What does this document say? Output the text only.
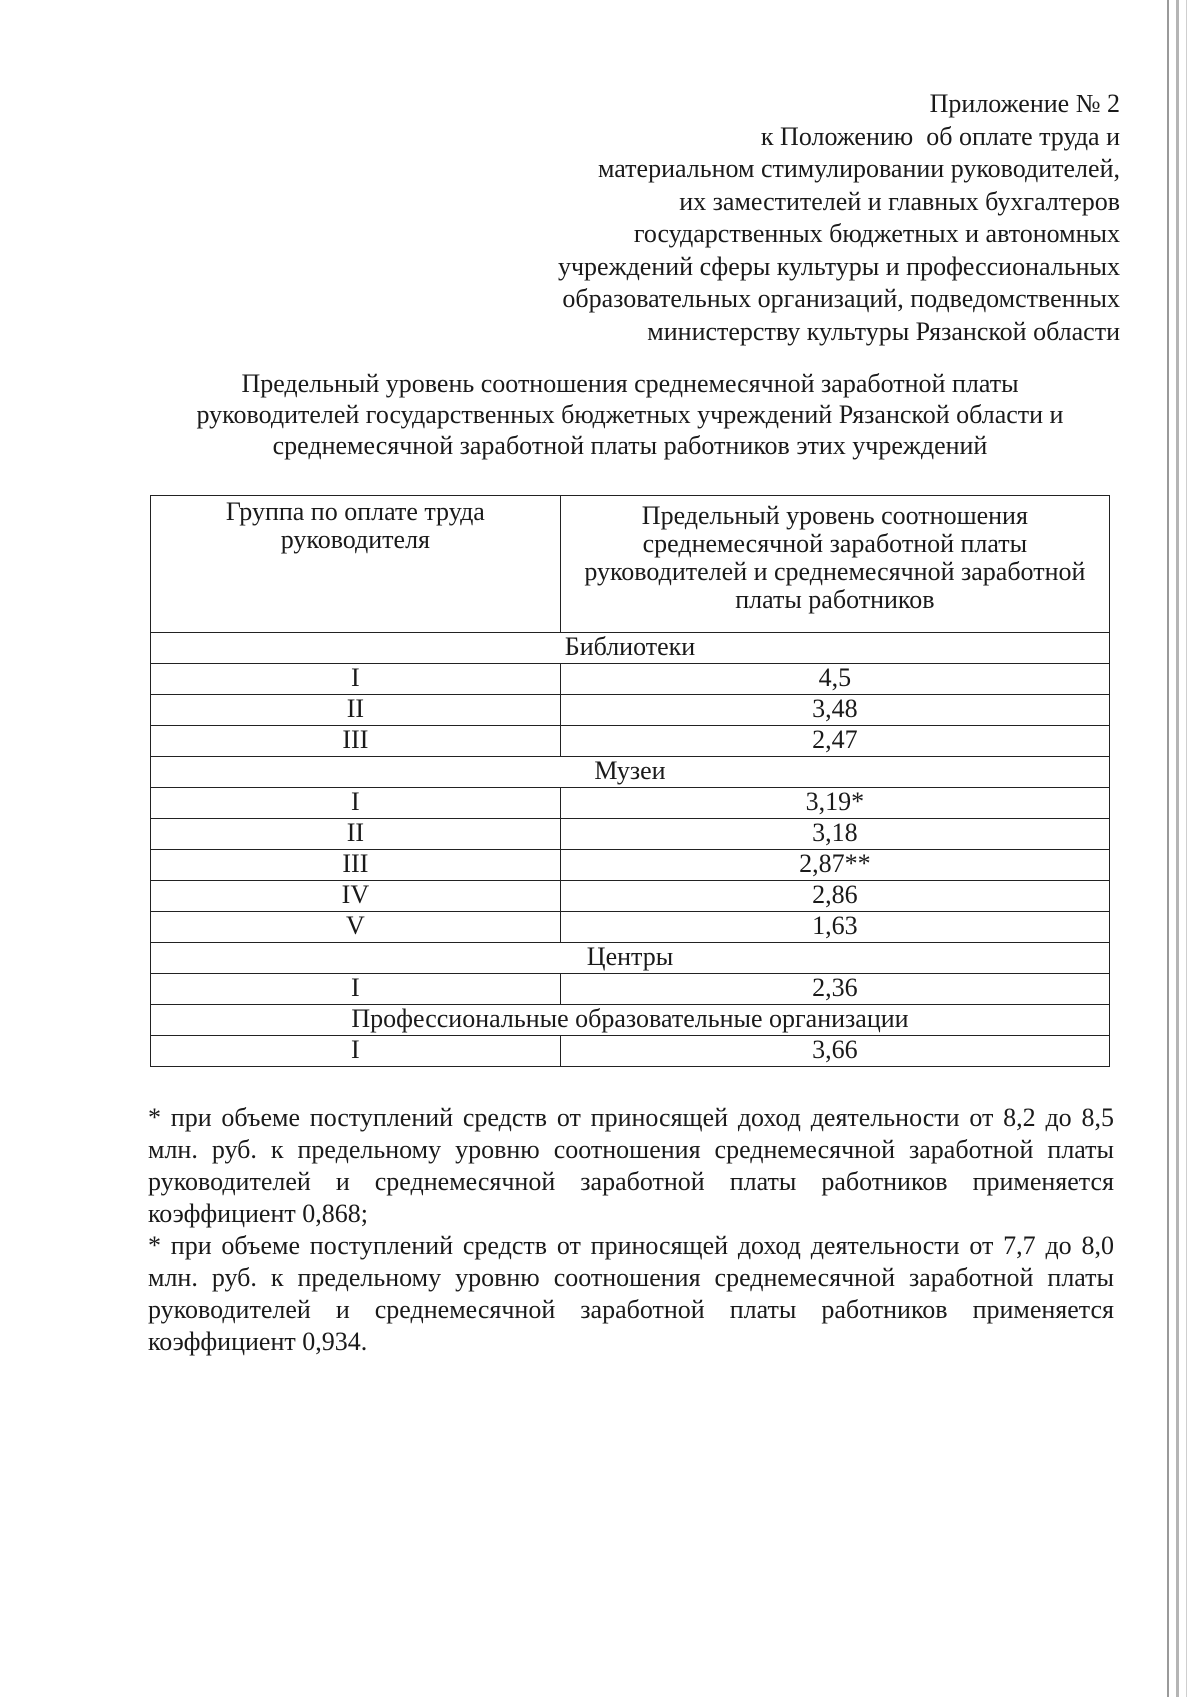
Приложение № 2
к Положению  об оплате труда и
материальном стимулировании руководителей,
их заместителей и главных бухгалтеров
государственных бюджетных и автономных
учреждений сферы культуры и профессиональных
образовательных организаций, подведомственных
министерству культуры Рязанской области
Предельный уровень соотношения среднемесячной заработной платы
руководителей государственных бюджетных учреждений Рязанской области и
среднемесячной заработной платы работников этих учреждений
Группа по оплате труда руководителя	Предельный уровень соотношения среднемесячной заработной платы руководителей и среднемесячной заработной платы работников
Библиотеки	
I	4,5
II	3,48
III	2,47
Музеи	
I	3,19*
II	3,18
III	2,87**
IV	2,86
V	1,63
Центры	
I	2,36
Профессиональные образовательные организации	
I	3,66

* при объеме поступлений средств от приносящей доход деятельности от 8,2 до 8,5 млн. руб. к предельному уровню соотношения среднемесячной заработной платы руководителей и среднемесячной заработной платы работников применяется коэффициент 0,868;

* при объеме поступлений средств от приносящей доход деятельности от 7,7 до 8,0 млн. руб. к предельному уровню соотношения среднемесячной заработной платы руководителей и среднемесячной заработной платы работников применяется коэффициент 0,934.
